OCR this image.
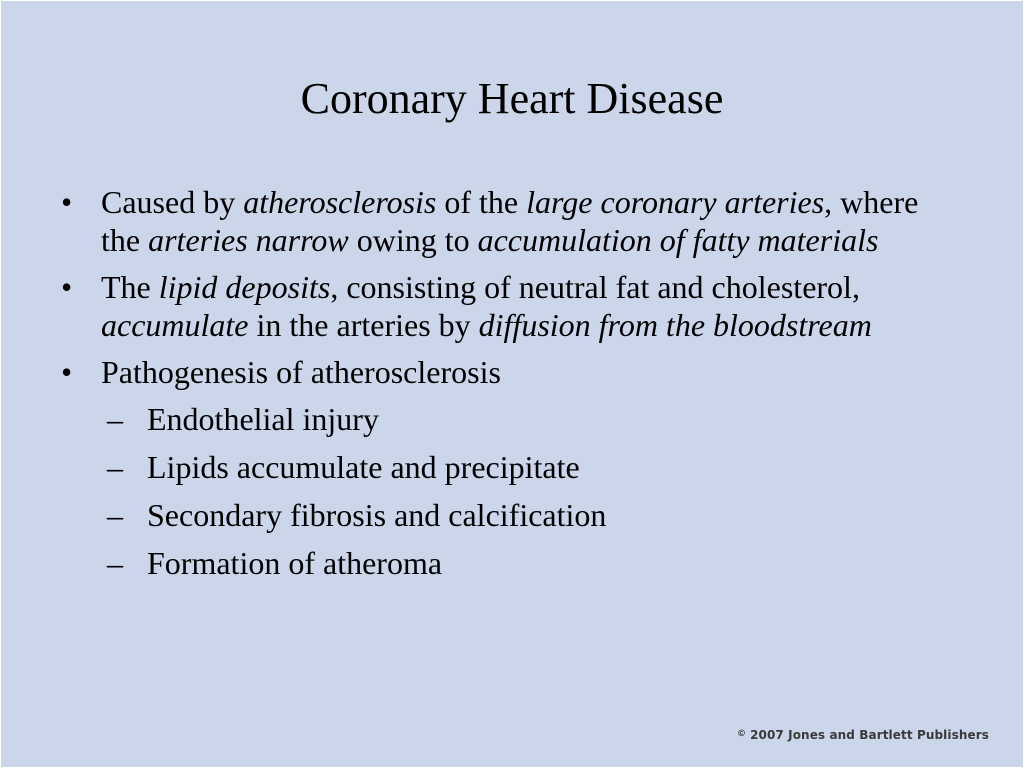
Coronary Heart Disease
• Caused by atherosclerosis of the large coronary arteries, where the arteries narrow owing to accumulation of fatty materials
• The lipid deposits, consisting of neutral fat and cholesterol, accumulate in the arteries by diffusion from the bloodstream
• Pathogenesis of atherosclerosis
– Endothelial injury
– Lipids accumulate and precipitate
– Secondary fibrosis and calcification
– Formation of atheroma
© 2007 Jones and Bartlett Publishers
